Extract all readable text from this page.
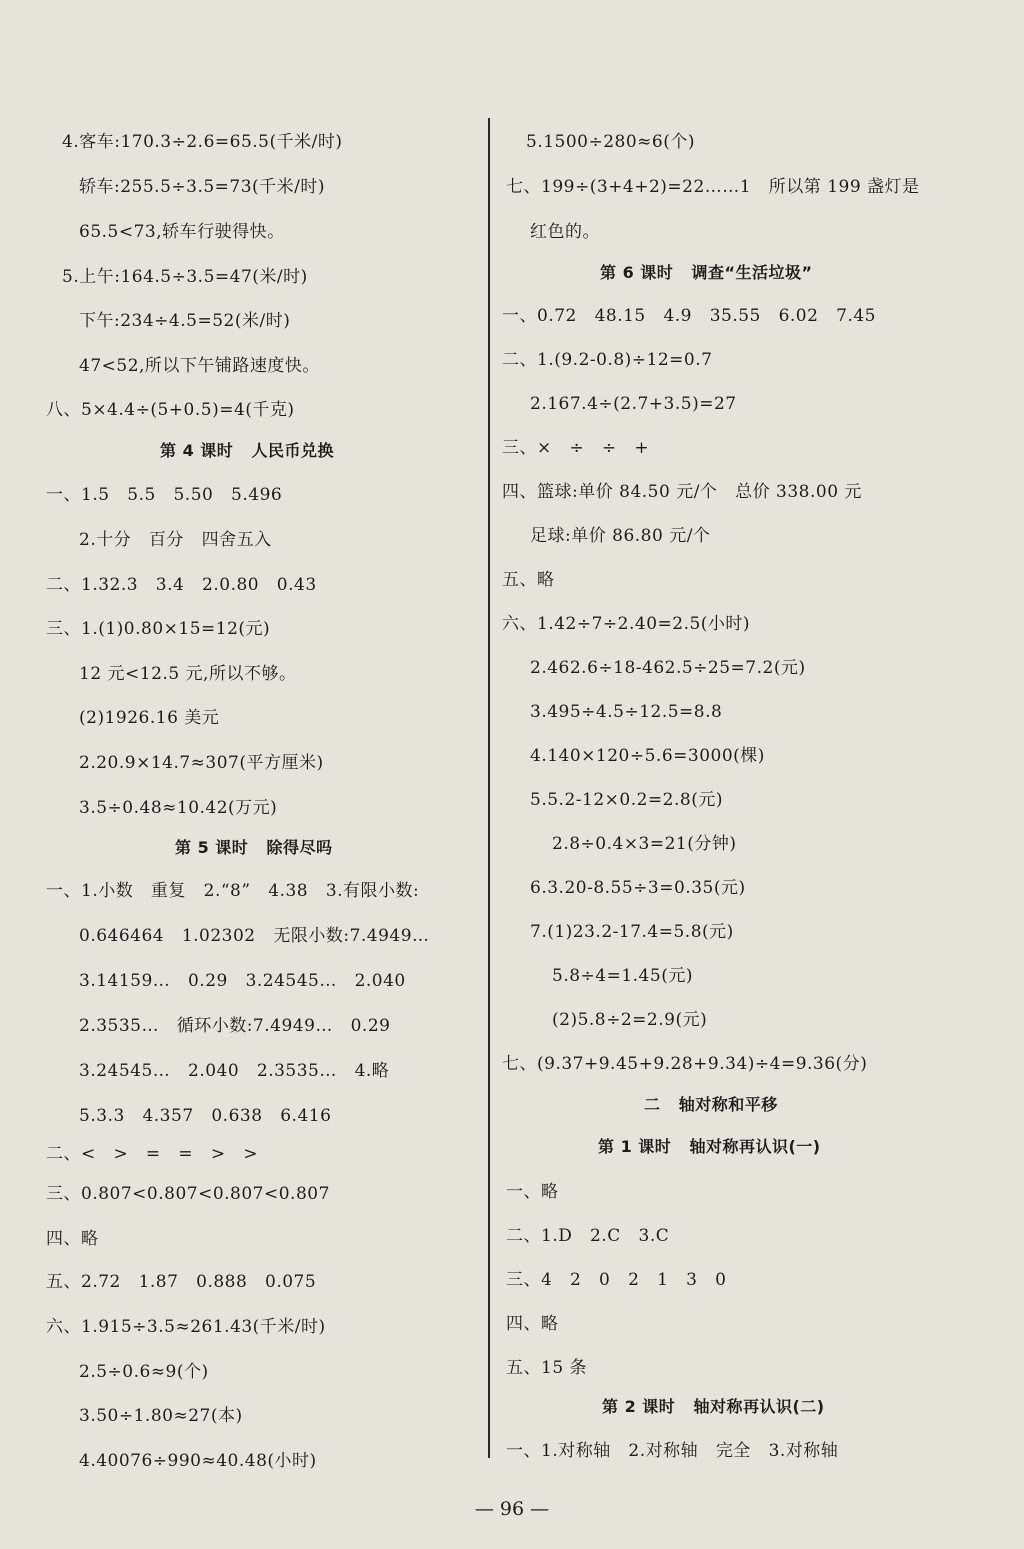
4.客车:170.3÷2.6=65.5(千米/时)
轿车:255.5÷3.5=73(千米/时)
65.5<73,轿车行驶得快。
5.上午:164.5÷3.5=47(米/时)
下午:234÷4.5=52(米/时)
47<52,所以下午铺路速度快。
八、5×4.4÷(5+0.5)=4(千克)
第 4 课时   人民币兑换
一、1.5   5.5   5.50   5.496
2.十分   百分   四舍五入
二、1.32.3   3.4   2.0.80   0.43
三、1.(1)0.80×15=12(元)
12 元<12.5 元,所以不够。
(2)1926.16 美元
2.20.9×14.7≈307(平方厘米)
3.5÷0.48≈10.42(万元)
第 5 课时   除得尽吗
一、1.小数   重复   2.“8”   4.38   3.有限小数:
0.646464   1.02302   无限小数:7.4949…
3.14159…   0.29   3.24545…   2.040
2.3535…   循环小数:7.4949…   0.29
3.24545…   2.040   2.3535…   4.略
5.3.3   4.357   0.638   6.416
二、<   >   =   =   >   >
三、0.807<0.807<0.807<0.807
四、略
五、2.72   1.87   0.888   0.075
六、1.915÷3.5≈261.43(千米/时)
2.5÷0.6≈9(个)
3.50÷1.80≈27(本)
4.40076÷990≈40.48(小时)
5.1500÷280≈6(个)
七、199÷(3+4+2)=22……1   所以第 199 盏灯是
红色的。
第 6 课时   调查“生活垃圾”
一、0.72   48.15   4.9   35.55   6.02   7.45
二、1.(9.2-0.8)÷12=0.7
2.167.4÷(2.7+3.5)=27
三、×   ÷   ÷   +
四、篮球:单价 84.50 元/个   总价 338.00 元
足球:单价 86.80 元/个
五、略
六、1.42÷7÷2.40=2.5(小时)
2.462.6÷18-462.5÷25=7.2(元)
3.495÷4.5÷12.5=8.8
4.140×120÷5.6=3000(棵)
5.5.2-12×0.2=2.8(元)
2.8÷0.4×3=21(分钟)
6.3.20-8.55÷3=0.35(元)
7.(1)23.2-17.4=5.8(元)
5.8÷4=1.45(元)
(2)5.8÷2=2.9(元)
七、(9.37+9.45+9.28+9.34)÷4=9.36(分)
二   轴对称和平移
第 1 课时   轴对称再认识(一)
一、略
二、1.D   2.C   3.C
三、4   2   0   2   1   3   0
四、略
五、15 条
第 2 课时   轴对称再认识(二)
一、1.对称轴   2.对称轴   完全   3.对称轴
— 96 —
